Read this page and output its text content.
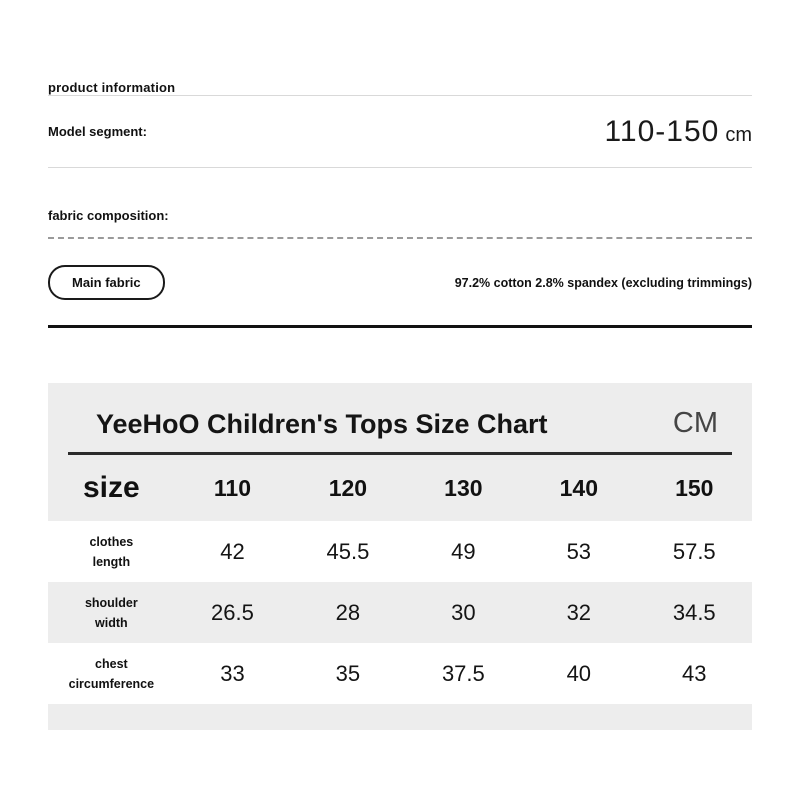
product information
Model segment:	110-150 cm
fabric composition:
Main fabric	97.2% cotton 2.8% spandex (excluding trimmings)
YeeHoO Children's Tops Size Chart	CM
size	110	120	130	140	150
clothes
length	42	45.5	49	53	57.5
shoulder
width	26.5	28	30	32	34.5
chest
circumference	33	35	37.5	40	43
